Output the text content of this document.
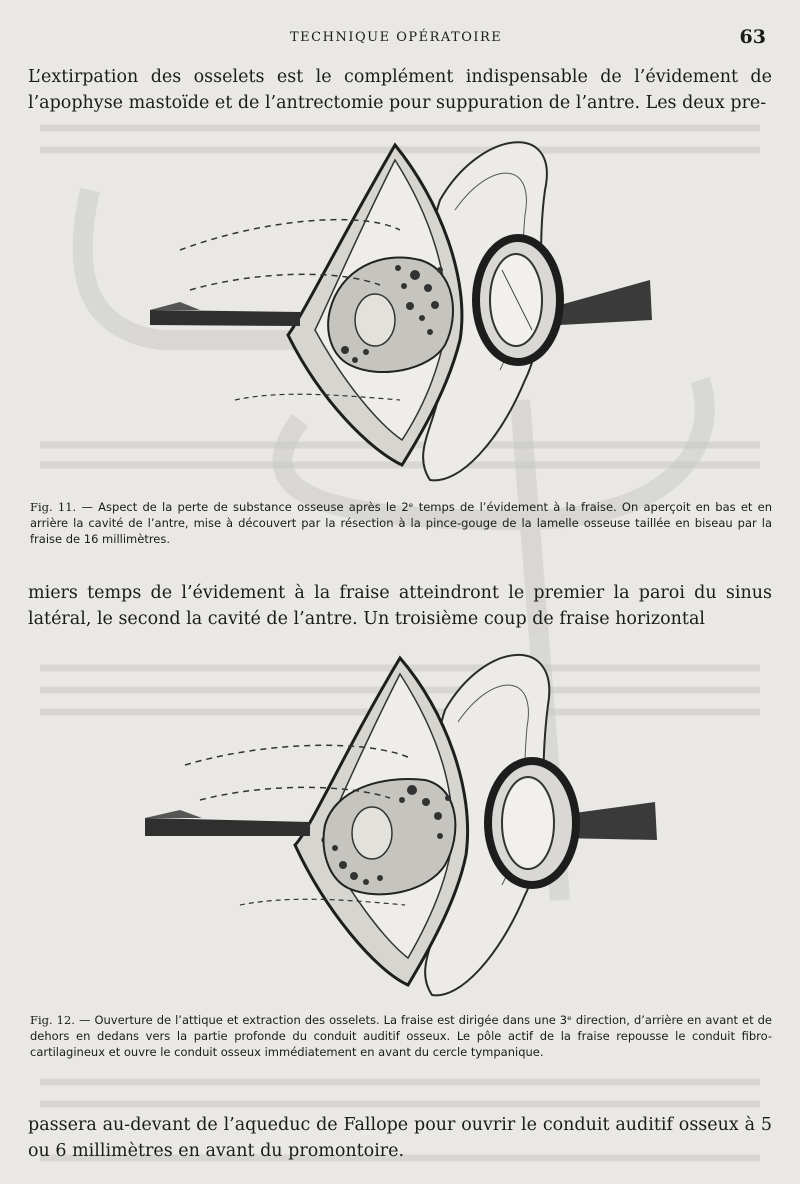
TECHNIQUE OPÉRATOIRE	63
L’extirpation des osselets est le complément indispensable de l’évidement de l’apophyse mastoïde et de l’antrectomie pour suppuration de l’antre. Les deux pre-
Fig. 11. — Aspect de la perte de substance osseuse après le 2ᵉ temps de l’évidement à la fraise. On aperçoit en bas et en arrière la cavité de l’antre, mise à découvert par la résection à la pince-gouge de la lamelle osseuse taillée en biseau par la fraise de 16 millimètres.
miers temps de l’évidement à la fraise atteindront le premier la paroi du sinus latéral, le second la cavité de l’antre. Un troisième coup de fraise horizontal
Fig. 12. — Ouverture de l’attique et extraction des osselets. La fraise est dirigée dans une 3ᵉ direction, d’arrière en avant et de dehors en dedans vers la partie profonde du conduit auditif osseux. Le pôle actif de la fraise repousse le conduit fibro-cartilagineux et ouvre le conduit osseux immédiatement en avant du cercle tympanique.
passera au-devant de l’aqueduc de Fallope pour ouvrir le conduit auditif osseux à 5 ou 6 millimètres en avant du promontoire.
